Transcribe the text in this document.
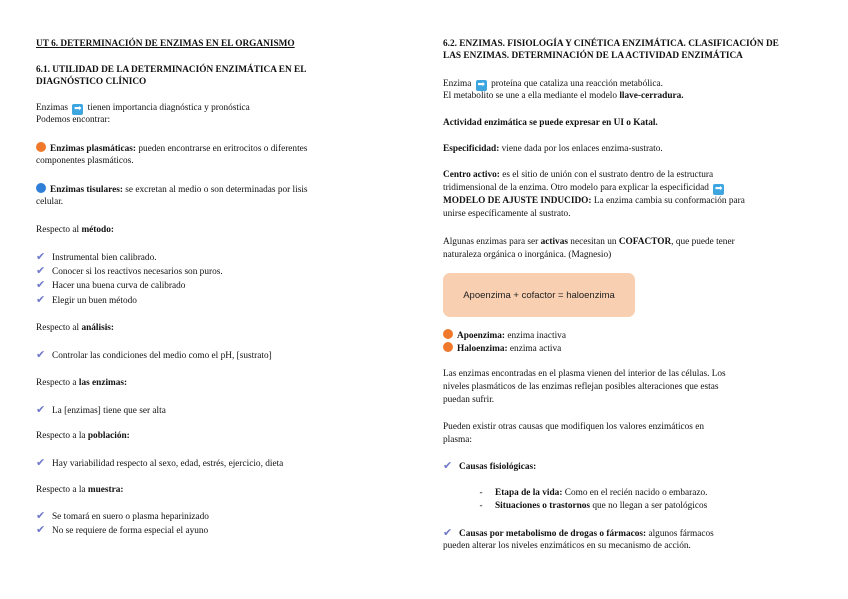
UT 6. DETERMINACIÓN DE ENZIMAS EN EL ORGANISMO
6.1. UTILIDAD DE LA DETERMINACIÓN ENZIMÁTICA EN EL
DIAGNÓSTICO CLÍNICO
Enzimas ➡ tienen importancia diagnóstica y pronóstica
Podemos encontrar:
Enzimas plasmáticas: pueden encontrarse en eritrocitos o diferentes
componentes plasmáticos.
Enzimas tisulares: se excretan al medio o son determinadas por lisis
celular.
Respecto al método:
✔ Instrumental bien calibrado.
✔ Conocer si los reactivos necesarios son puros.
✔ Hacer una buena curva de calibrado
✔ Elegir un buen método
Respecto al análisis:
✔ Controlar las condiciones del medio como el pH, [sustrato]
Respecto a las enzimas:
✔ La [enzimas] tiene que ser alta
Respecto a la población:
✔ Hay variabilidad respecto al sexo, edad, estrés, ejercicio, dieta
Respecto a la muestra:
✔ Se tomará en suero o plasma heparinizado
✔ No se requiere de forma especial el ayuno
6.2. ENZIMAS. FISIOLOGÍA Y CINÉTICA ENZIMÁTICA. CLASIFICACIÓN DE
LAS ENZIMAS. DETERMINACIÓN DE LA ACTIVIDAD ENZIMÁTICA
Enzima ➡ proteína que cataliza una reacción metabólica.
El metabolito se une a ella mediante el modelo llave-cerradura.
Actividad enzimática se puede expresar en UI o Katal.
Especificidad: viene dada por los enlaces enzima-sustrato.
Centro activo: es el sitio de unión con el sustrato dentro de la estructura
tridimensional de la enzima. Otro modelo para explicar la especificidad ➡
MODELO DE AJUSTE INDUCIDO: La enzima cambia su conformación para
unirse específicamente al sustrato.
Algunas enzimas para ser activas necesitan un COFACTOR, que puede tener
naturaleza orgánica o inorgánica. (Magnesio)
Apoenzima + cofactor = haloenzima
Apoenzima: enzima inactiva
Haloenzima: enzima activa
Las enzimas encontradas en el plasma vienen del interior de las células. Los
niveles plasmáticos de las enzimas reflejan posibles alteraciones que estas
puedan sufrir.
Pueden existir otras causas que modifiquen los valores enzimáticos en
plasma:
✔ Causas fisiológicas:
- Etapa de la vida: Como en el recién nacido o embarazo.
- Situaciones o trastornos que no llegan a ser patológicos
✔ Causas por metabolismo de drogas o fármacos: algunos fármacos
pueden alterar los niveles enzimáticos en su mecanismo de acción.
